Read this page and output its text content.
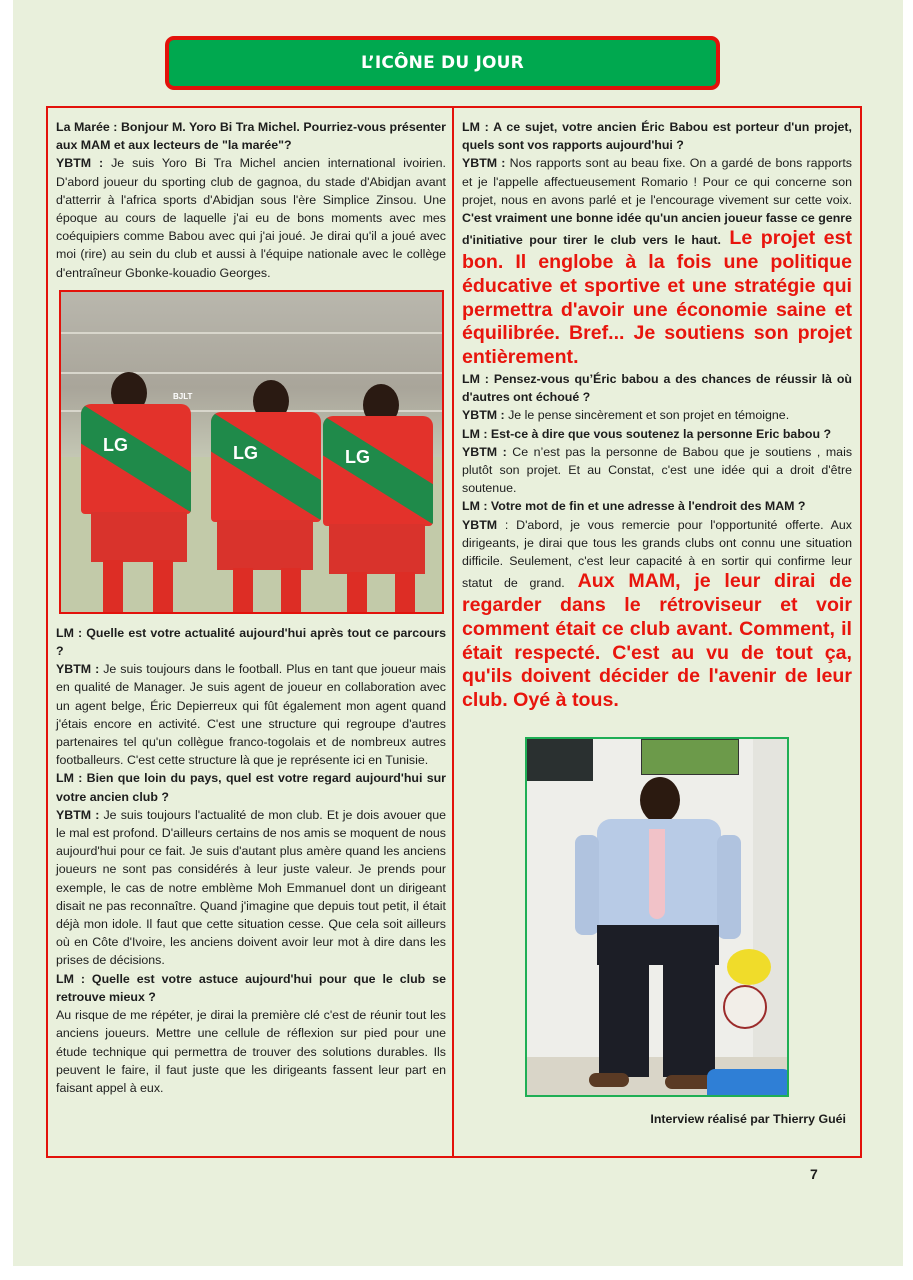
L’ICÔNE DU JOUR

La Marée : Bonjour M. Yoro Bi Tra Michel. Pourriez-vous présenter aux MAM et aux lecteurs de "la marée"?
YBTM : Je suis Yoro Bi Tra Michel ancien international ivoirien. D'abord joueur du sporting club de gagnoa, du stade d'Abidjan avant d'atterrir à l'africa sports d'Abidjan sous l'ère Simplice Zinsou. Une époque au cours de laquelle j'ai eu de bons moments avec mes coéquipiers comme Babou avec qui j'ai joué. Je dirai qu'il a joué avec moi (rire) au sein du club et aussi à l'équipe nationale avec le collège d'entraîneur Gbonke-kouadio Georges.

LG	LG	LG
BJLT

LM : Quelle est votre actualité aujourd'hui après tout ce parcours ?
YBTM : Je suis toujours dans le football. Plus en tant que joueur mais en qualité de Manager. Je suis agent de joueur en collaboration avec un agent belge, Éric Depierreux qui fût également mon agent quand j'étais encore en activité. C'est une structure qui regroupe d'autres partenaires tel qu'un collègue franco-togolais et de nombreux autres footballeurs. C'est cette structure là que je représente ici en Tunisie.

LM : Bien que loin du pays, quel est votre regard aujourd'hui sur votre ancien club ?
YBTM : Je suis toujours l'actualité de mon club. Et je dois avouer que le mal est profond. D'ailleurs certains de nos amis se moquent de nous aujourd'hui pour ce fait. Je suis d'autant plus amère quand les anciens joueurs ne sont pas considérés à leur juste valeur. Je prends pour exemple, le cas de notre emblème Moh Emmanuel dont un dirigeant disait ne pas reconnaître. Quand j'imagine que depuis tout petit, il était déjà mon idole. Il faut que cette situation cesse. Que cela soit ailleurs où en Côte d'Ivoire, les anciens doivent avoir leur mot à dire dans les prises de décisions.

LM : Quelle est votre astuce aujourd'hui pour que le club se retrouve mieux ?
Au risque de me répéter, je dirai la première clé c'est de réunir tout les anciens joueurs. Mettre une cellule de réflexion sur pied pour une étude technique qui permettra de trouver des solutions durables. Ils peuvent le faire, il faut juste que les dirigeants fassent leur part en faisant appel à eux.

LM : A ce sujet, votre ancien Éric Babou est porteur d'un projet, quels sont vos rapports aujourd'hui ?
YBTM : Nos rapports sont au beau fixe. On a gardé de bons rapports et je l'appelle affectueusement Romario ! Pour ce qui concerne son projet, nous en avons parlé et je l'encourage vivement sur cette voix. C'est vraiment une bonne idée qu'un ancien joueur fasse ce genre d'initiative pour tirer le club vers le haut. Le projet est bon. Il englobe à la fois une politique éducative et sportive et une stratégie qui permettra d'avoir une économie saine et équilibrée. Bref... Je soutiens son projet entièrement.

LM : Pensez-vous qu’Éric babou a des chances de réussir là où d'autres ont échoué ?
YBTM : Je le pense sincèrement et son projet en témoigne.

LM : Est-ce à dire que vous soutenez la personne Eric babou ?
YBTM : Ce n’est pas la personne de Babou que je soutiens , mais plutôt son projet. Et au Constat, c'est une idée qui a droit d'être soutenue.

LM : Votre mot de fin et une adresse à l'endroit des MAM ?
YBTM : D'abord, je vous remercie pour l'opportunité offerte. Aux dirigeants, je dirai que tous les grands clubs ont connu une situation difficile. Seulement, c'est leur capacité à en sortir qui confirme leur statut de grand. Aux MAM, je leur dirai de regarder dans le rétroviseur et voir comment était ce club avant. Comment, il était respecté. C'est au vu de tout ça, qu'ils doivent décider de l'avenir de leur club. Oyé à tous.

Interview réalisé par Thierry Guéi
7
